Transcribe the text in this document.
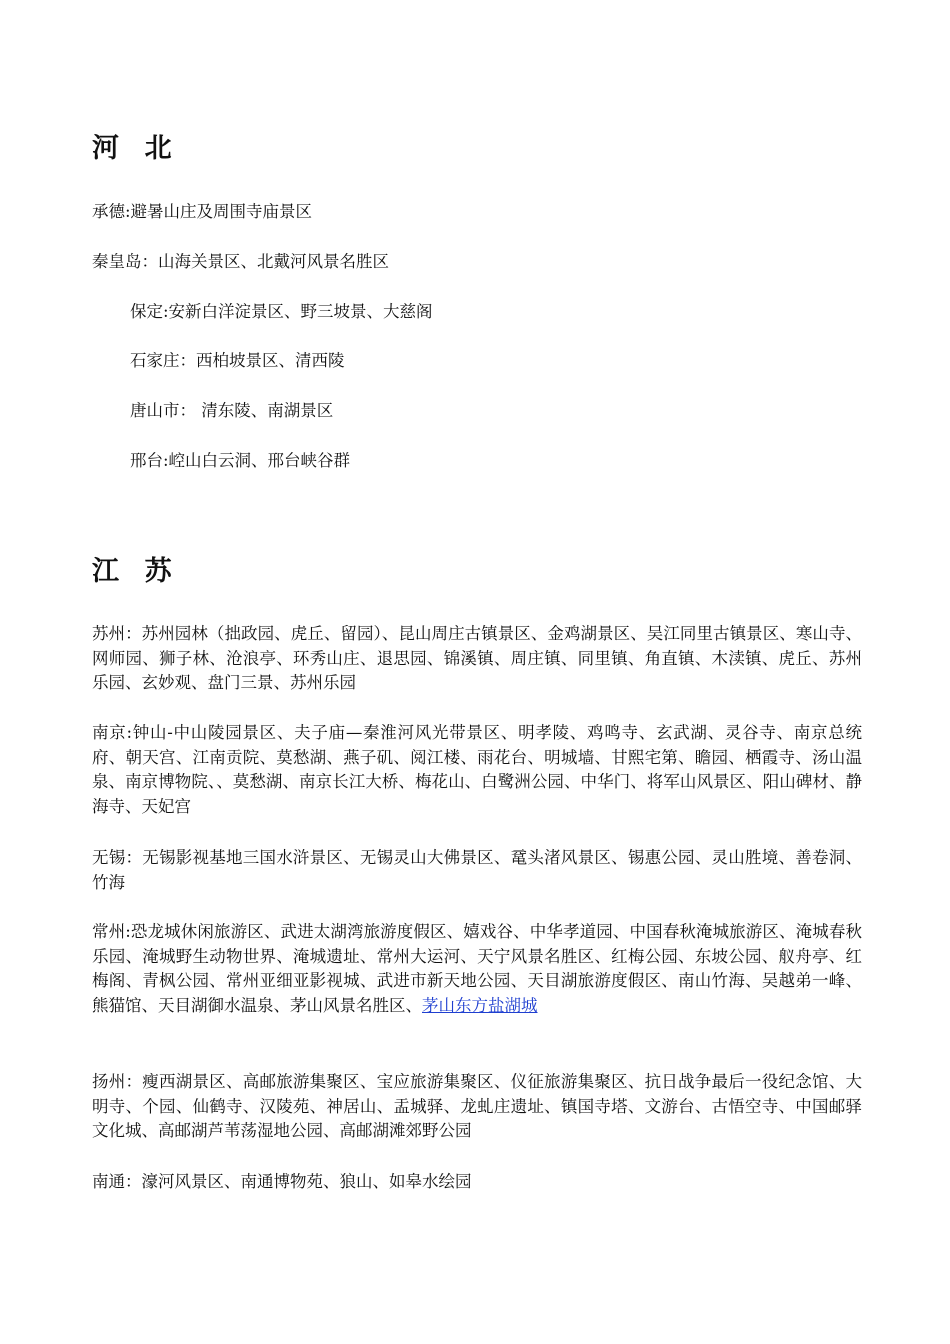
河 北
承德:避暑山庄及周围寺庙景区
秦皇岛：山海关景区、北戴河风景名胜区
保定:安新白洋淀景区、野三坡景、大慈阁
石家庄：西柏坡景区、清西陵
唐山市： 清东陵、南湖景区
邢台:崆山白云洞、邢台峡谷群
江 苏
苏州：苏州园林（拙政园、虎丘、留园）、昆山周庄古镇景区、金鸡湖景区、吴江同里古镇景区、寒山寺、网师园、狮子林、沧浪亭、环秀山庄、退思园、锦溪镇、周庄镇、同里镇、角直镇、木渎镇、虎丘、苏州乐园、玄妙观、盘门三景、苏州乐园
南京:钟山-中山陵园景区、夫子庙—秦淮河风光带景区、明孝陵、鸡鸣寺、玄武湖、灵谷寺、南京总统府、朝天宫、江南贡院、莫愁湖、燕子矶、阅江楼、雨花台、明城墙、甘熙宅第、瞻园、栖霞寺、汤山温泉、南京博物院、、莫愁湖、南京长江大桥、梅花山、白鹭洲公园、中华门、将军山风景区、阳山碑材、静海寺、天妃宫
无锡：无锡影视基地三国水浒景区、无锡灵山大佛景区、鼋头渚风景区、锡惠公园、灵山胜境、善卷洞、竹海
常州:恐龙城休闲旅游区、武进太湖湾旅游度假区、嬉戏谷、中华孝道园、中国春秋淹城旅游区、淹城春秋乐园、淹城野生动物世界、淹城遗址、常州大运河、天宁风景名胜区、红梅公园、东坡公园、舣舟亭、红梅阁、青枫公园、常州亚细亚影视城、武进市新天地公园、天目湖旅游度假区、南山竹海、吴越弟一峰、熊猫馆、天目湖御水温泉、茅山风景名胜区、茅山东方盐湖城
扬州：瘦西湖景区、高邮旅游集聚区、宝应旅游集聚区、仪征旅游集聚区、抗日战争最后一役纪念馆、大明寺、个园、仙鹤寺、汉陵苑、神居山、盂城驿、龙虬庄遗址、镇国寺塔、文游台、古悟空寺、中国邮驿文化城、高邮湖芦苇荡湿地公园、高邮湖滩郊野公园
南通：濠河风景区、南通博物苑、狼山、如皋水绘园
